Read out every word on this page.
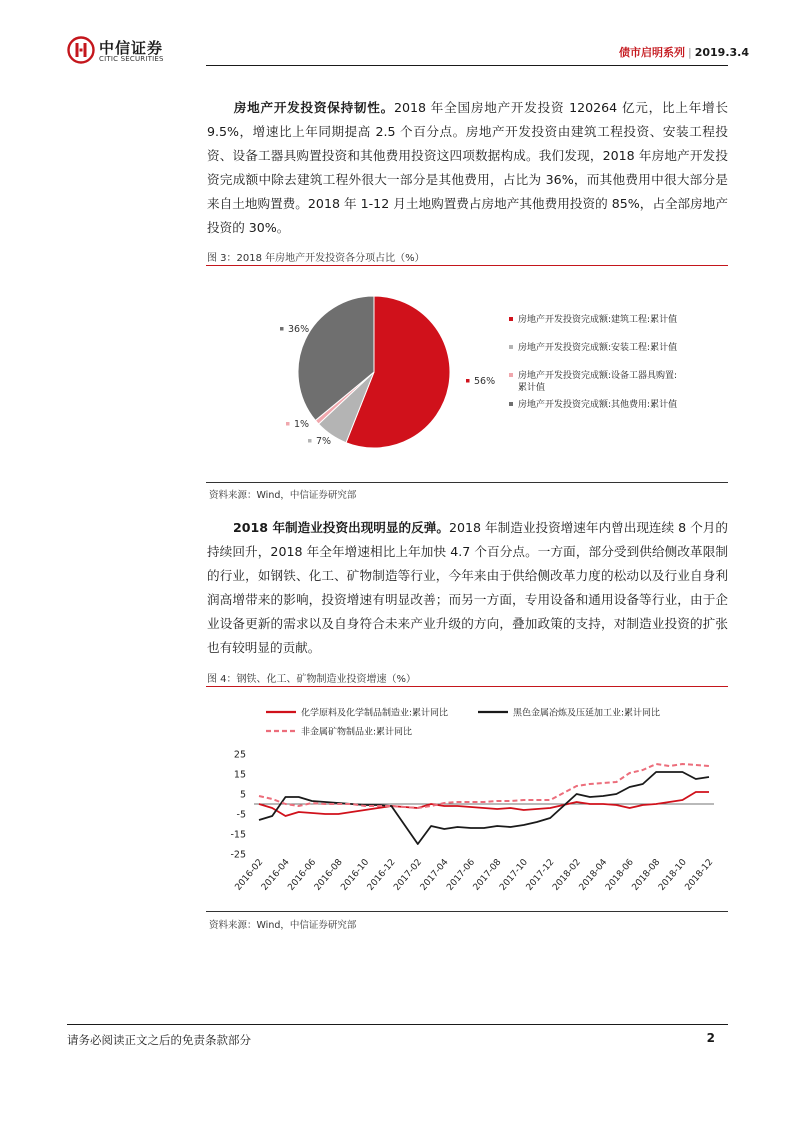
中信证券
CITIC SECURITIES	债市启明系列 | 2019.3.4

房地产开发投资保持韧性。2018 年全国房地产开发投资 120264 亿元，比上年增长 9.5%，增速比上年同期提高 2.5 个百分点。房地产开发投资由建筑工程投资、安装工程投资、设备工器具购置投资和其他费用投资这四项数据构成。我们发现，2018 年房地产开发投资完成额中除去建筑工程外很大一部分是其他费用，占比为 36%，而其他费用中很大部分是来自土地购置费。2018 年 1-12 月土地购置费占房地产其他费用投资的 85%，占全部房地产投资的 30%。

图 3：2018 年房地产开发投资各分项占比（%）
56%
7%
1%
36%
房地产开发投资完成额:建筑工程:累计值
房地产开发投资完成额:安装工程:累计值
房地产开发投资完成额:设备工器具购置:
累计值
房地产开发投资完成额:其他费用:累计值
资料来源：Wind，中信证券研究部

2018 年制造业投资出现明显的反弹。2018 年制造业投资增速年内曾出现连续 8 个月的持续回升，2018 年全年增速相比上年加快 4.7 个百分点。一方面，部分受到供给侧改革限制的行业，如钢铁、化工、矿物制造等行业，今年来由于供给侧改革力度的松动以及行业自身利润高增带来的影响，投资增速有明显改善；而另一方面，专用设备和通用设备等行业，由于企业设备更新的需求以及自身符合未来产业升级的方向，叠加政策的支持，对制造业投资的扩张也有较明显的贡献。

图 4：钢铁、化工、矿物制造业投资增速（%）
化学原料及化学制品制造业:累计同比	黑色金属冶炼及压延加工业:累计同比
非金属矿物制品业:累计同比
25
15
5
-5
-15
-25
2016-02
2016-04
2016-06
2016-08
2016-10
2016-12
2017-02
2017-04
2017-06
2017-08
2017-10
2017-12
2018-02
2018-04
2018-06
2018-08
2018-10
2018-12
资料来源：Wind，中信证券研究部
请务必阅读正文之后的免责条款部分	2
